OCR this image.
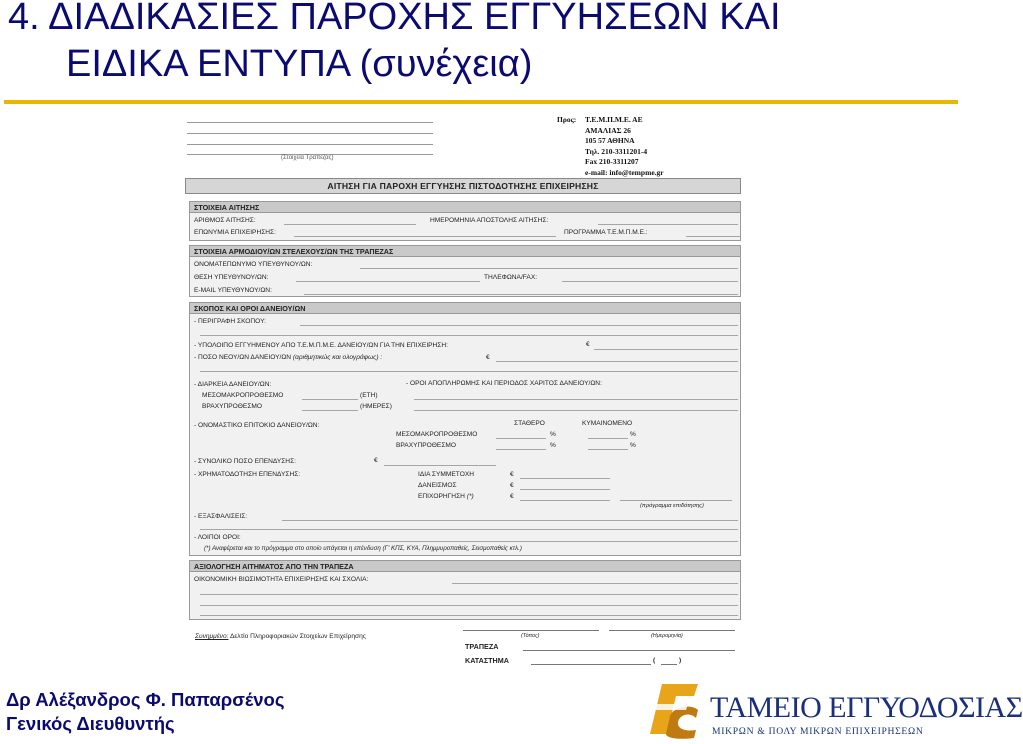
4. ΔΙΑΔΙΚΑΣΙΕΣ ΠΑΡΟΧΗΣ ΕΓΓΥΗΣΕΩΝ ΚΑΙ
ΕΙΔΙΚΑ ΕΝΤΥΠΑ (συνέχεια)
(Στοιχεία Τραπεζας)
Προς: Τ.Ε.Μ.Π.Μ.Ε. ΑΕ
ΑΜΑΛΙΑΣ 26
105 57 ΑΘΗΝΑ
Τηλ. 210-3311201-4
Fax 210-3311207
e-mail: info@tempme.gr
ΑΙΤΗΣΗ ΓΙΑ ΠΑΡΟΧΗ ΕΓΓΥΗΣΗΣ ΠΙΣΤΟΔΟΤΗΣΗΣ ΕΠΙΧΕΙΡΗΣΗΣ
ΣΤΟΙΧΕΙΑ ΑΙΤΗΣΗΣ
ΑΡΙΘΜΟΣ ΑΙΤΗΣΗΣ:	ΗΜΕΡΟΜΗΝΙΑ ΑΠΟΣΤΟΛΗΣ ΑΙΤΗΣΗΣ:
ΕΠΩΝΥΜΙΑ ΕΠΙΧΕΙΡΗΣΗΣ:	ΠΡΟΓΡΑΜΜΑ Τ.Ε.Μ.Π.Μ.Ε.:
ΣΤΟΙΧΕΙΑ ΑΡΜΟΔΙΟΥ/ΩΝ ΣΤΕΛΕΧΟΥΣ/ΩΝ ΤΗΣ ΤΡΑΠΕΖΑΣ
ΟΝΟΜΑΤΕΠΩΝΥΜΟ ΥΠΕΥΘΥΝΟΥ/ΩΝ:
ΘΕΣΗ ΥΠΕΥΘΥΝΟΥ/ΩΝ:	ΤΗΛΕΦΩΝΑ/FAX:
E-MAIL ΥΠΕΥΘΥΝΟΥ/ΩΝ:
ΣΚΟΠΟΣ ΚΑΙ ΟΡΟΙ ΔΑΝΕΙΟΥ/ΩΝ
- ΠΕΡΙΓΡΑΦΗ ΣΚΟΠΟΥ:
- ΥΠΟΛΟΙΠΟ ΕΓΓΥΗΜΕΝΟΥ ΑΠΟ Τ.Ε.Μ.Π.Μ.Ε. ΔΑΝΕΙΟΥ/ΩΝ ΓΙΑ ΤΗΝ ΕΠΙΧΕΙΡΗΣΗ:	€
- ΠΟΣΟ ΝΕΟΥ/ΩΝ ΔΑΝΕΙΟΥ/ΩΝ (αριθμητικώς και ολογράφως) :	€
- ΔΙΑΡΚΕΙΑ ΔΑΝΕΙΟΥ/ΩΝ:	- ΟΡΟΙ ΑΠΟΠΛΗΡΩΜΗΣ ΚΑΙ ΠΕΡΙΟΔΟΣ ΧΑΡΙΤΟΣ ΔΑΝΕΙΟΥ/ΩΝ:
ΜΕΣΟΜΑΚΡΟΠΡΟΘΕΣΜΟ	(ΕΤΗ)
ΒΡΑΧΥΠΡΟΘΕΣΜΟ	(ΗΜΕΡΕΣ)
- ΟΝΟΜΑΣΤΙΚΟ ΕΠΙΤΟΚΙΟ ΔΑΝΕΙΟΥ/ΩΝ:	ΣΤΑΘΕΡΟ	ΚΥΜΑΙΝΟΜΕΝΟ
ΜΕΣΟΜΑΚΡΟΠΡΟΘΕΣΜΟ	%	%
ΒΡΑΧΥΠΡΟΘΕΣΜΟ	%	%
- ΣΥΝΟΛΙΚΟ ΠΟΣΟ ΕΠΕΝΔΥΣΗΣ:	€
- ΧΡΗΜΑΤΟΔΟΤΗΣΗ ΕΠΕΝΔΥΣΗΣ:	ΙΔΙΑ ΣΥΜΜΕΤΟΧΗ	€
ΔΑΝΕΙΣΜΟΣ	€
ΕΠΙΧΟΡΗΓΗΣΗ (*)	€
(πρόγραμμα επιδότησης)
- ΕΞΑΣΦΑΛΙΣΕΙΣ:
- ΛΟΙΠΟΙ ΟΡΟΙ:
(*) Αναφέρεται και το πρόγραμμα στο οποίο υπάγεται η επένδυση (Γ' ΚΠΣ, ΚΥΑ, Πλημμυροπαθείς, Σεισμοπαθείς κτλ.)
ΑΞΙΟΛΟΓΗΣΗ ΑΙΤΗΜΑΤΟΣ ΑΠΟ ΤΗΝ ΤΡΑΠΕΖΑ
ΟΙΚΟΝΟΜΙΚΗ ΒΙΩΣΙΜΟΤΗΤΑ ΕΠΙΧΕΙΡΗΣΗΣ ΚΑΙ ΣΧΟΛΙΑ:
Συνημμένο: Δελτίο Πληροφοριακών Στοιχείων Επιχείρησης	(Τόπος)	(Ημερομηνία)
ΤΡΑΠΕΖΑ
ΚΑΤΑΣΤΗΜΑ	(	)
Δρ Αλέξανδρος Φ. Παπαρσένος
Γενικός Διευθυντής	ΤΑΜΕΙΟ ΕΓΓΥΟΔΟΣΙΑΣ
ΜΙΚΡΩΝ & ΠΟΛΥ ΜΙΚΡΩΝ ΕΠΙΧΕΙΡΗΣΕΩΝ
